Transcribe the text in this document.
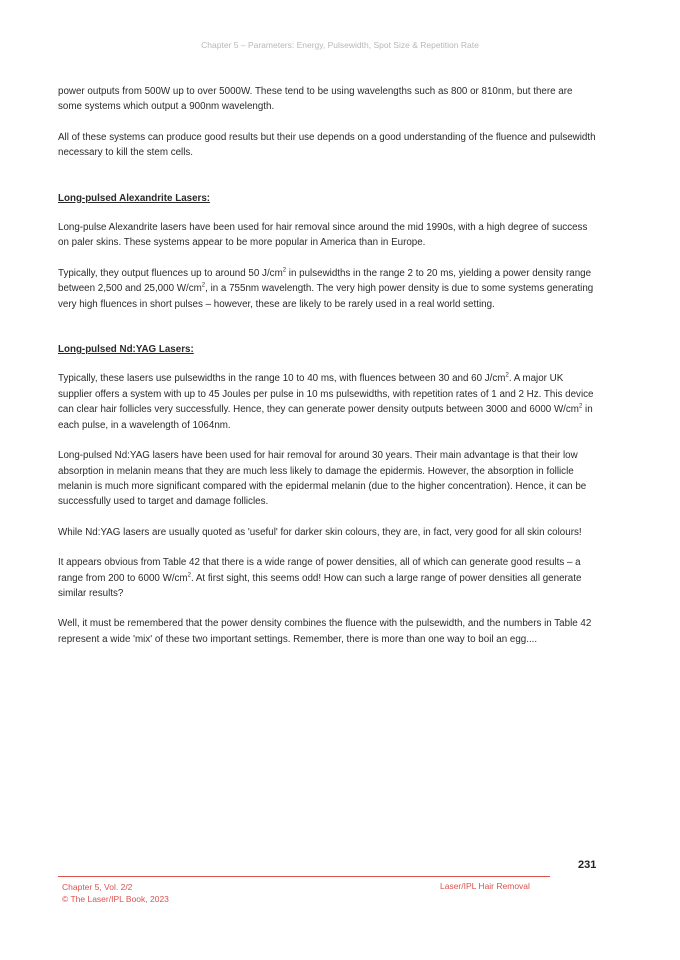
Chapter 5 – Parameters: Energy, Pulsewidth, Spot Size & Repetition Rate

power outputs from 500W up to over 5000W. These tend to be using wavelengths such as 800 or 810nm, but there are some systems which output a 900nm wavelength.

All of these systems can produce good results but their use depends on a good understanding of the fluence and pulsewidth necessary to kill the stem cells.

Long-pulsed Alexandrite Lasers:

Long-pulse Alexandrite lasers have been used for hair removal since around the mid 1990s, with a high degree of success on paler skins. These systems appear to be more popular in America than in Europe.

Typically, they output fluences up to around 50 $J/cm^2$ in pulsewidths in the range 2 to 20 ms, yielding a power density range between 2,500 and 25,000 $W/cm^2$, in a 755nm wavelength. The very high power density is due to some systems generating very high fluences in short pulses – however, these are likely to be rarely used in a real world setting.

Long-pulsed Nd:YAG Lasers:

Typically, these lasers use pulsewidths in the range 10 to 40 ms, with fluences between 30 and 60 $J/cm^2$. A major UK supplier offers a system with up to 45 Joules per pulse in 10 ms pulsewidths, with repetition rates of 1 and 2 Hz. This device can clear hair follicles very successfully. Hence, they can generate power density outputs between 3000 and 6000 $W/cm^2$ in each pulse, in a wavelength of 1064nm.

Long-pulsed Nd:YAG lasers have been used for hair removal for around 30 years. Their main advantage is that their low absorption in melanin means that they are much less likely to damage the epidermis. However, the absorption in follicle melanin is much more significant compared with the epidermal melanin (due to the higher concentration). Hence, it can be successfully used to target and damage follicles.

While Nd:YAG lasers are usually quoted as 'useful' for darker skin colours, they are, in fact, very good for all skin colours!

It appears obvious from Table 42 that there is a wide range of power densities, all of which can generate good results – a range from 200 to 6000 $W/cm^2$. At first sight, this seems odd! How can such a large range of power densities all generate similar results?

Well, it must be remembered that the power density combines the fluence with the pulsewidth, and the numbers in Table 42 represent a wide 'mix' of these two important settings. Remember, there is more than one way to boil an egg....

231
Chapter 5, Vol. 2/2
© The Laser/IPL Book, 2023
Laser/IPL Hair Removal
